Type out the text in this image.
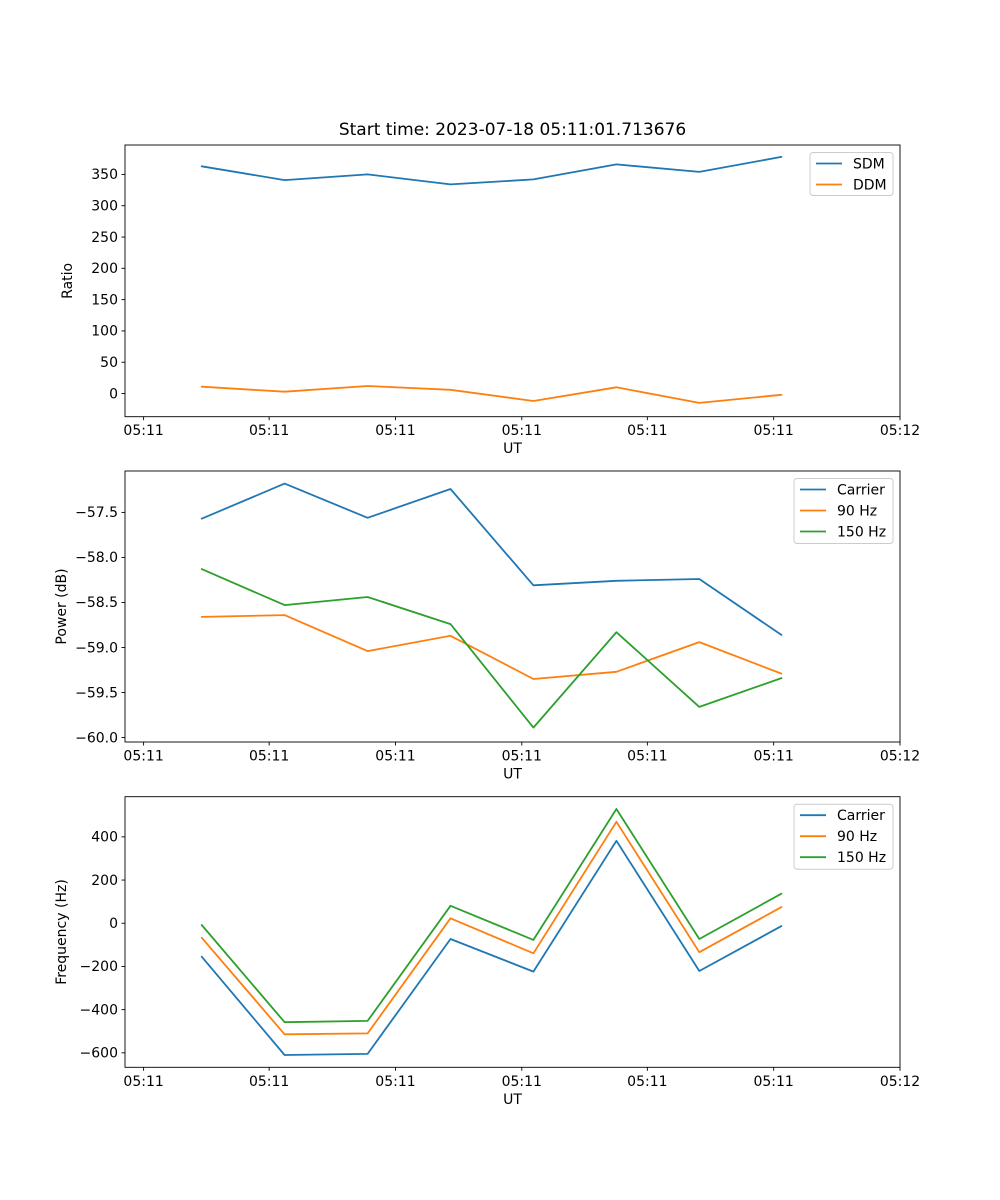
Start time: 2023-07-18 05:11:01.713676
05:11	05:11	05:11	05:11	05:11	05:11	05:12
0
50
100
150
200
250
300
350
UT
Ratio
SDM
DDM
05:11	05:11	05:11	05:11	05:11	05:11	05:12
−60.0
−59.5
−59.0
−58.5
−58.0
−57.5
UT
Power (dB)
Carrier
90 Hz
150 Hz
05:11	05:11	05:11	05:11	05:11	05:11	05:12
−600
−400
−200
0
200
400
UT
Frequency (Hz)
Carrier
90 Hz
150 Hz
